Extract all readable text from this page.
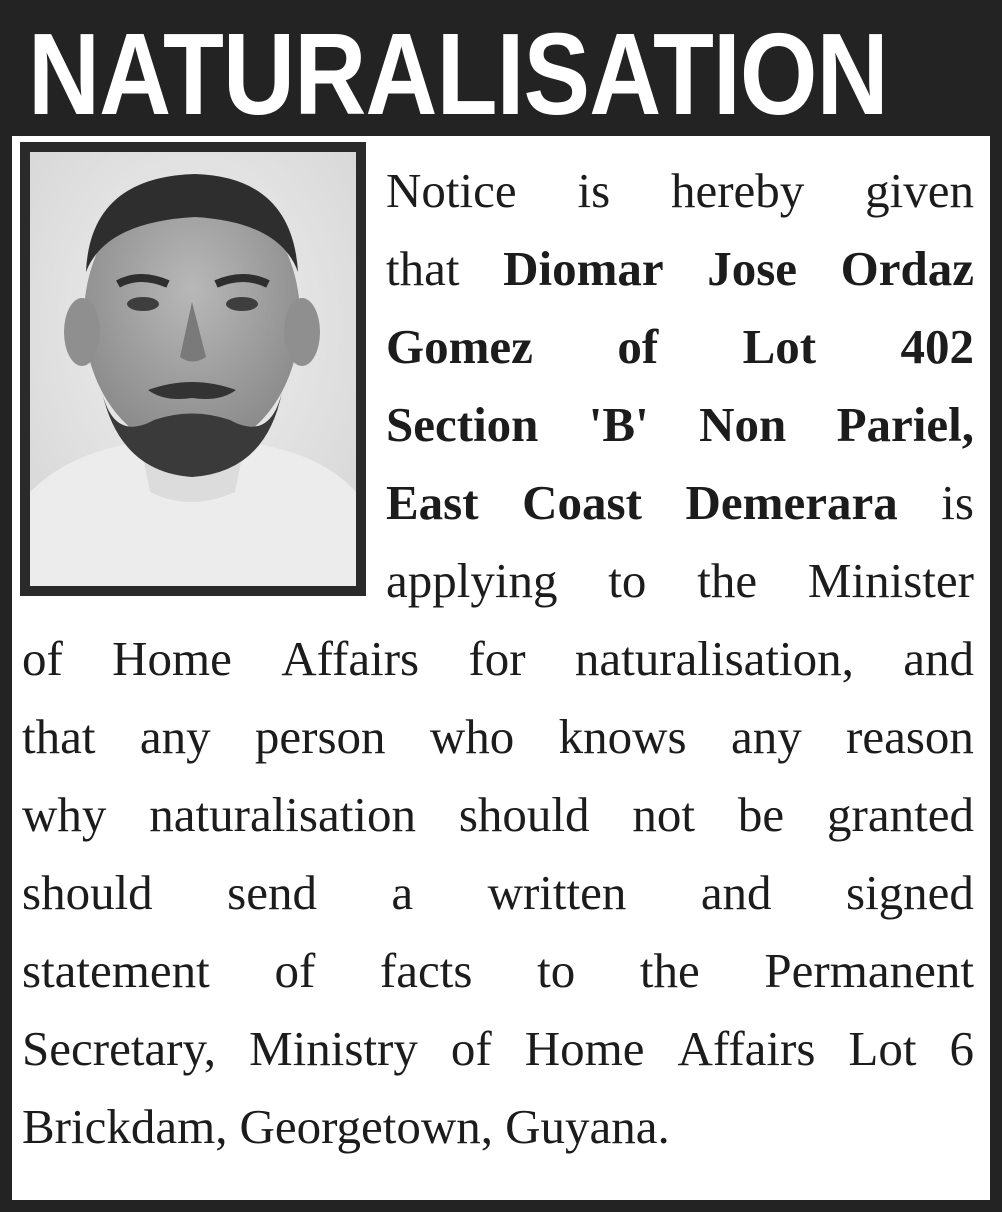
NATURALISATION
Notice is hereby given
that Diomar Jose Ordaz
Gomez of Lot 402
Section 'B' Non Pariel,
East Coast Demerara is
applying to the Minister
of Home Affairs for naturalisation, and
that any person who knows any reason
why naturalisation should not be granted
should send a written and signed
statement of facts to the Permanent
Secretary, Ministry of Home Affairs Lot 6
Brickdam, Georgetown, Guyana.
